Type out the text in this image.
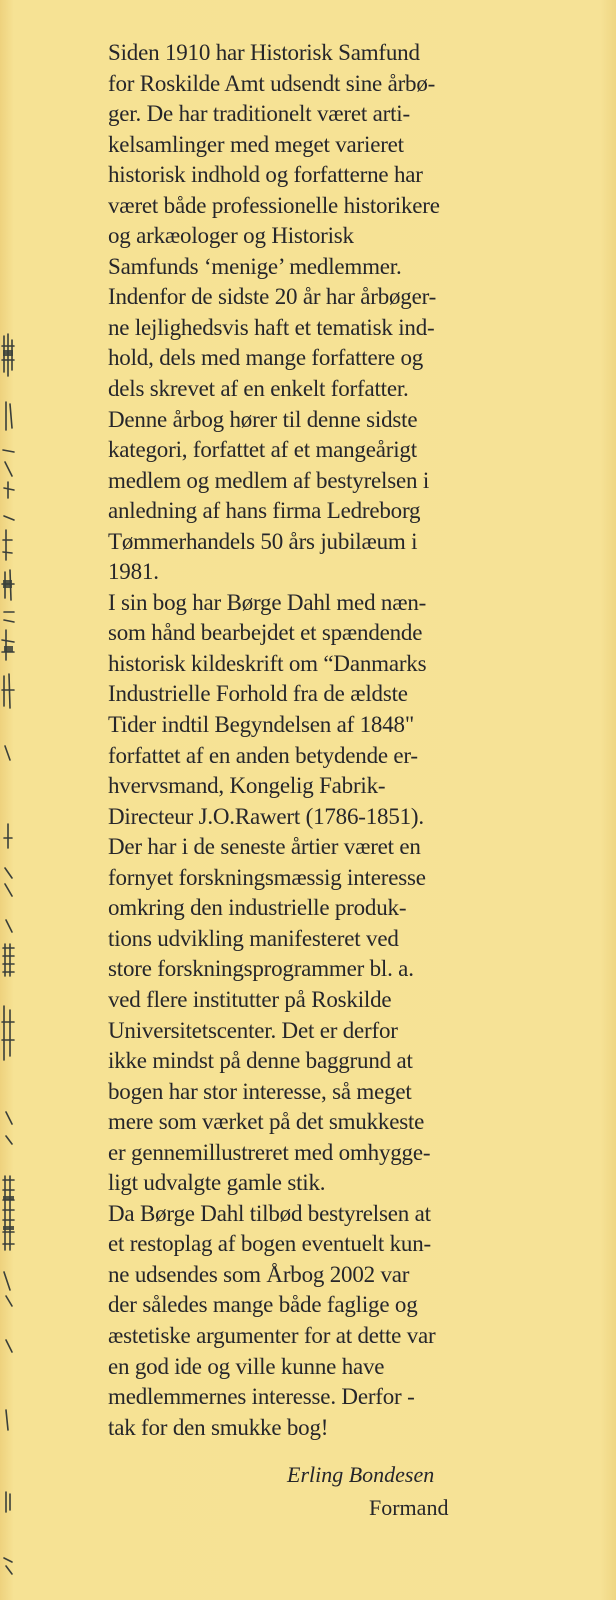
Siden 1910 har Historisk Samfund
for Roskilde Amt udsendt sine årbø-
ger. De har traditionelt været arti-
kelsamlinger med meget varieret
historisk indhold og forfatterne har
været både professionelle historikere
og arkæologer og Historisk
Samfunds ‘menige’ medlemmer.
Indenfor de sidste 20 år har årbøger-
ne lejlighedsvis haft et tematisk ind-
hold, dels med mange forfattere og
dels skrevet af en enkelt forfatter.
Denne årbog hører til denne sidste
kategori, forfattet af et mangeårigt
medlem og medlem af bestyrelsen i
anledning af hans firma Ledreborg
Tømmerhandels 50 års jubilæum i
1981.
I sin bog har Børge Dahl med næn-
som hånd bearbejdet et spændende
historisk kildeskrift om “Danmarks
Industrielle Forhold fra de ældste
Tider indtil Begyndelsen af 1848"
forfattet af en anden betydende er-
hvervsmand, Kongelig Fabrik-
Directeur J.O.Rawert (1786-1851).
Der har i de seneste årtier været en
fornyet forskningsmæssig interesse
omkring den industrielle produk-
tions udvikling manifesteret ved
store forskningsprogrammer bl. a.
ved flere institutter på Roskilde
Universitetscenter. Det er derfor
ikke mindst på denne baggrund at
bogen har stor interesse, så meget
mere som værket på det smukkeste
er gennemillustreret med omhygge-
ligt udvalgte gamle stik.
Da Børge Dahl tilbød bestyrelsen at
et restoplag af bogen eventuelt kun-
ne udsendes som Årbog 2002 var
der således mange både faglige og
æstetiske argumenter for at dette var
en god ide og ville kunne have
medlemmernes interesse. Derfor -
tak for den smukke bog!
Erling Bondesen
Formand
